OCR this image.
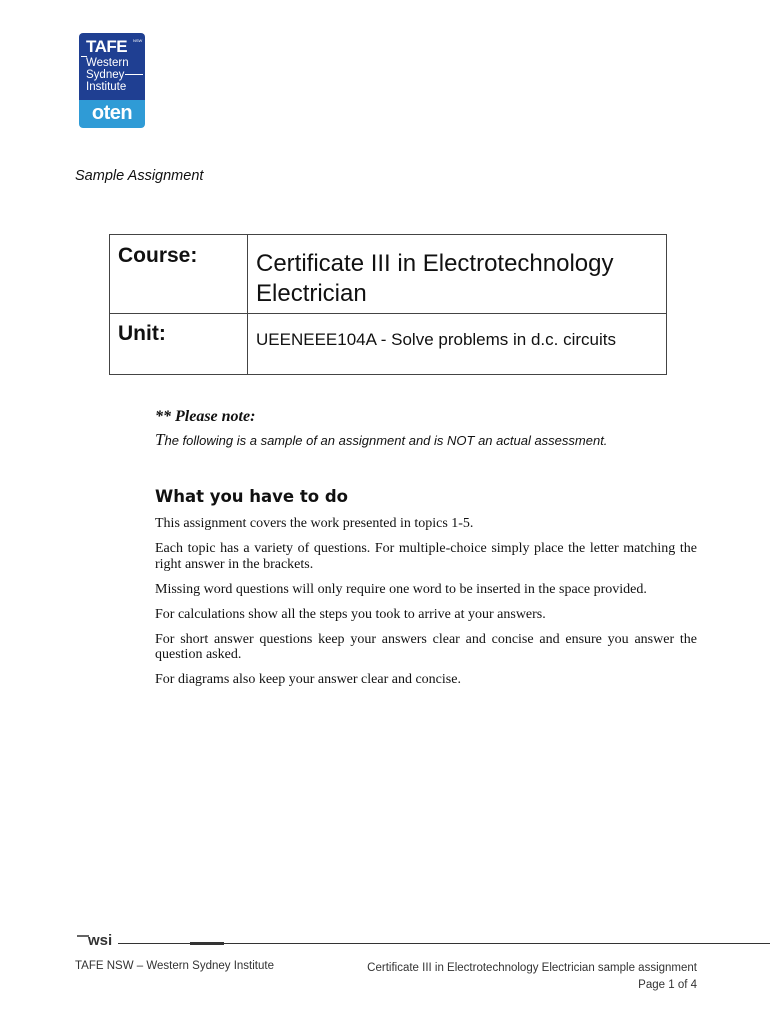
TAFE NSW
Western
Sydney
Institute
oten
Sample Assignment
Course: Certificate III in Electrotechnology Electrician
Unit:	UEENEEE104A - Solve problems in d.c. circuits
** Please note:
The following is a sample of an assignment and is NOT an actual assessment.
What you have to do

This assignment covers the work presented in topics 1-5.

Each topic has a variety of questions. For multiple-choice simply place the letter matching the right answer in the brackets.

Missing word questions will only require one word to be inserted in the space provided.

For calculations show all the steps you took to arrive at your answers.

For short answer questions keep your answers clear and concise and ensure you answer the question asked.

For diagrams also keep your answer clear and concise.

wsi
TAFE NSW – Western Sydney Institute	Certificate III in Electrotechnology Electrician sample assignment
Page 1 of 4
